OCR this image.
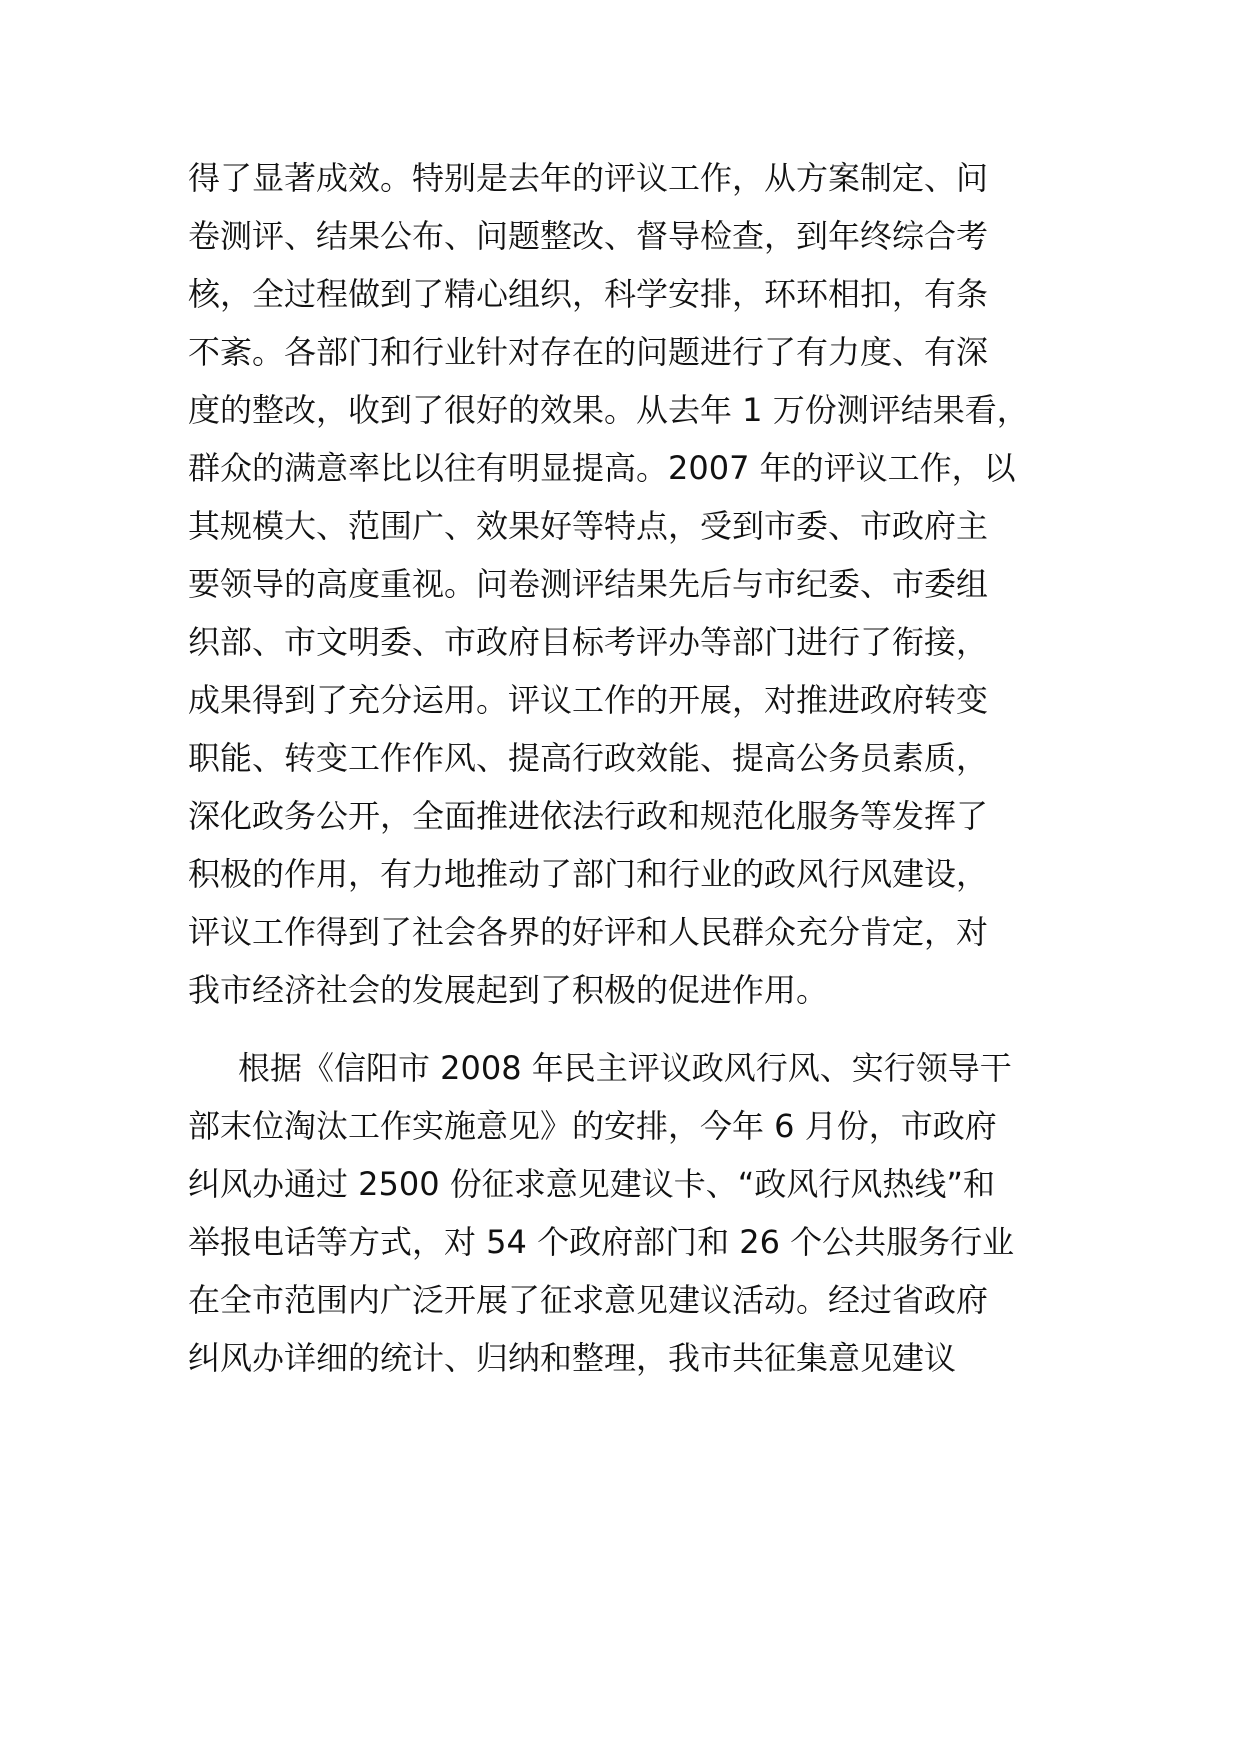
得了显著成效。特别是去年的评议工作，从方案制定、问
卷测评、结果公布、问题整改、督导检查，到年终综合考
核，全过程做到了精心组织，科学安排，环环相扣，有条
不紊。各部门和行业针对存在的问题进行了有力度、有深
度的整改，收到了很好的效果。从去年 1 万份测评结果看，
群众的满意率比以往有明显提高。2007 年的评议工作，以
其规模大、范围广、效果好等特点，受到市委、市政府主
要领导的高度重视。问卷测评结果先后与市纪委、市委组
织部、市文明委、市政府目标考评办等部门进行了衔接，
成果得到了充分运用。评议工作的开展，对推进政府转变
职能、转变工作作风、提高行政效能、提高公务员素质，
深化政务公开，全面推进依法行政和规范化服务等发挥了
积极的作用，有力地推动了部门和行业的政风行风建设，
评议工作得到了社会各界的好评和人民群众充分肯定，对
我市经济社会的发展起到了积极的促进作用。
根据《信阳市 2008 年民主评议政风行风、实行领导干
部末位淘汰工作实施意见》的安排，今年 6 月份，市政府
纠风办通过 2500 份征求意见建议卡、“政风行风热线”和
举报电话等方式，对 54 个政府部门和 26 个公共服务行业
在全市范围内广泛开展了征求意见建议活动。经过省政府
纠风办详细的统计、归纳和整理，我市共征集意见建议
